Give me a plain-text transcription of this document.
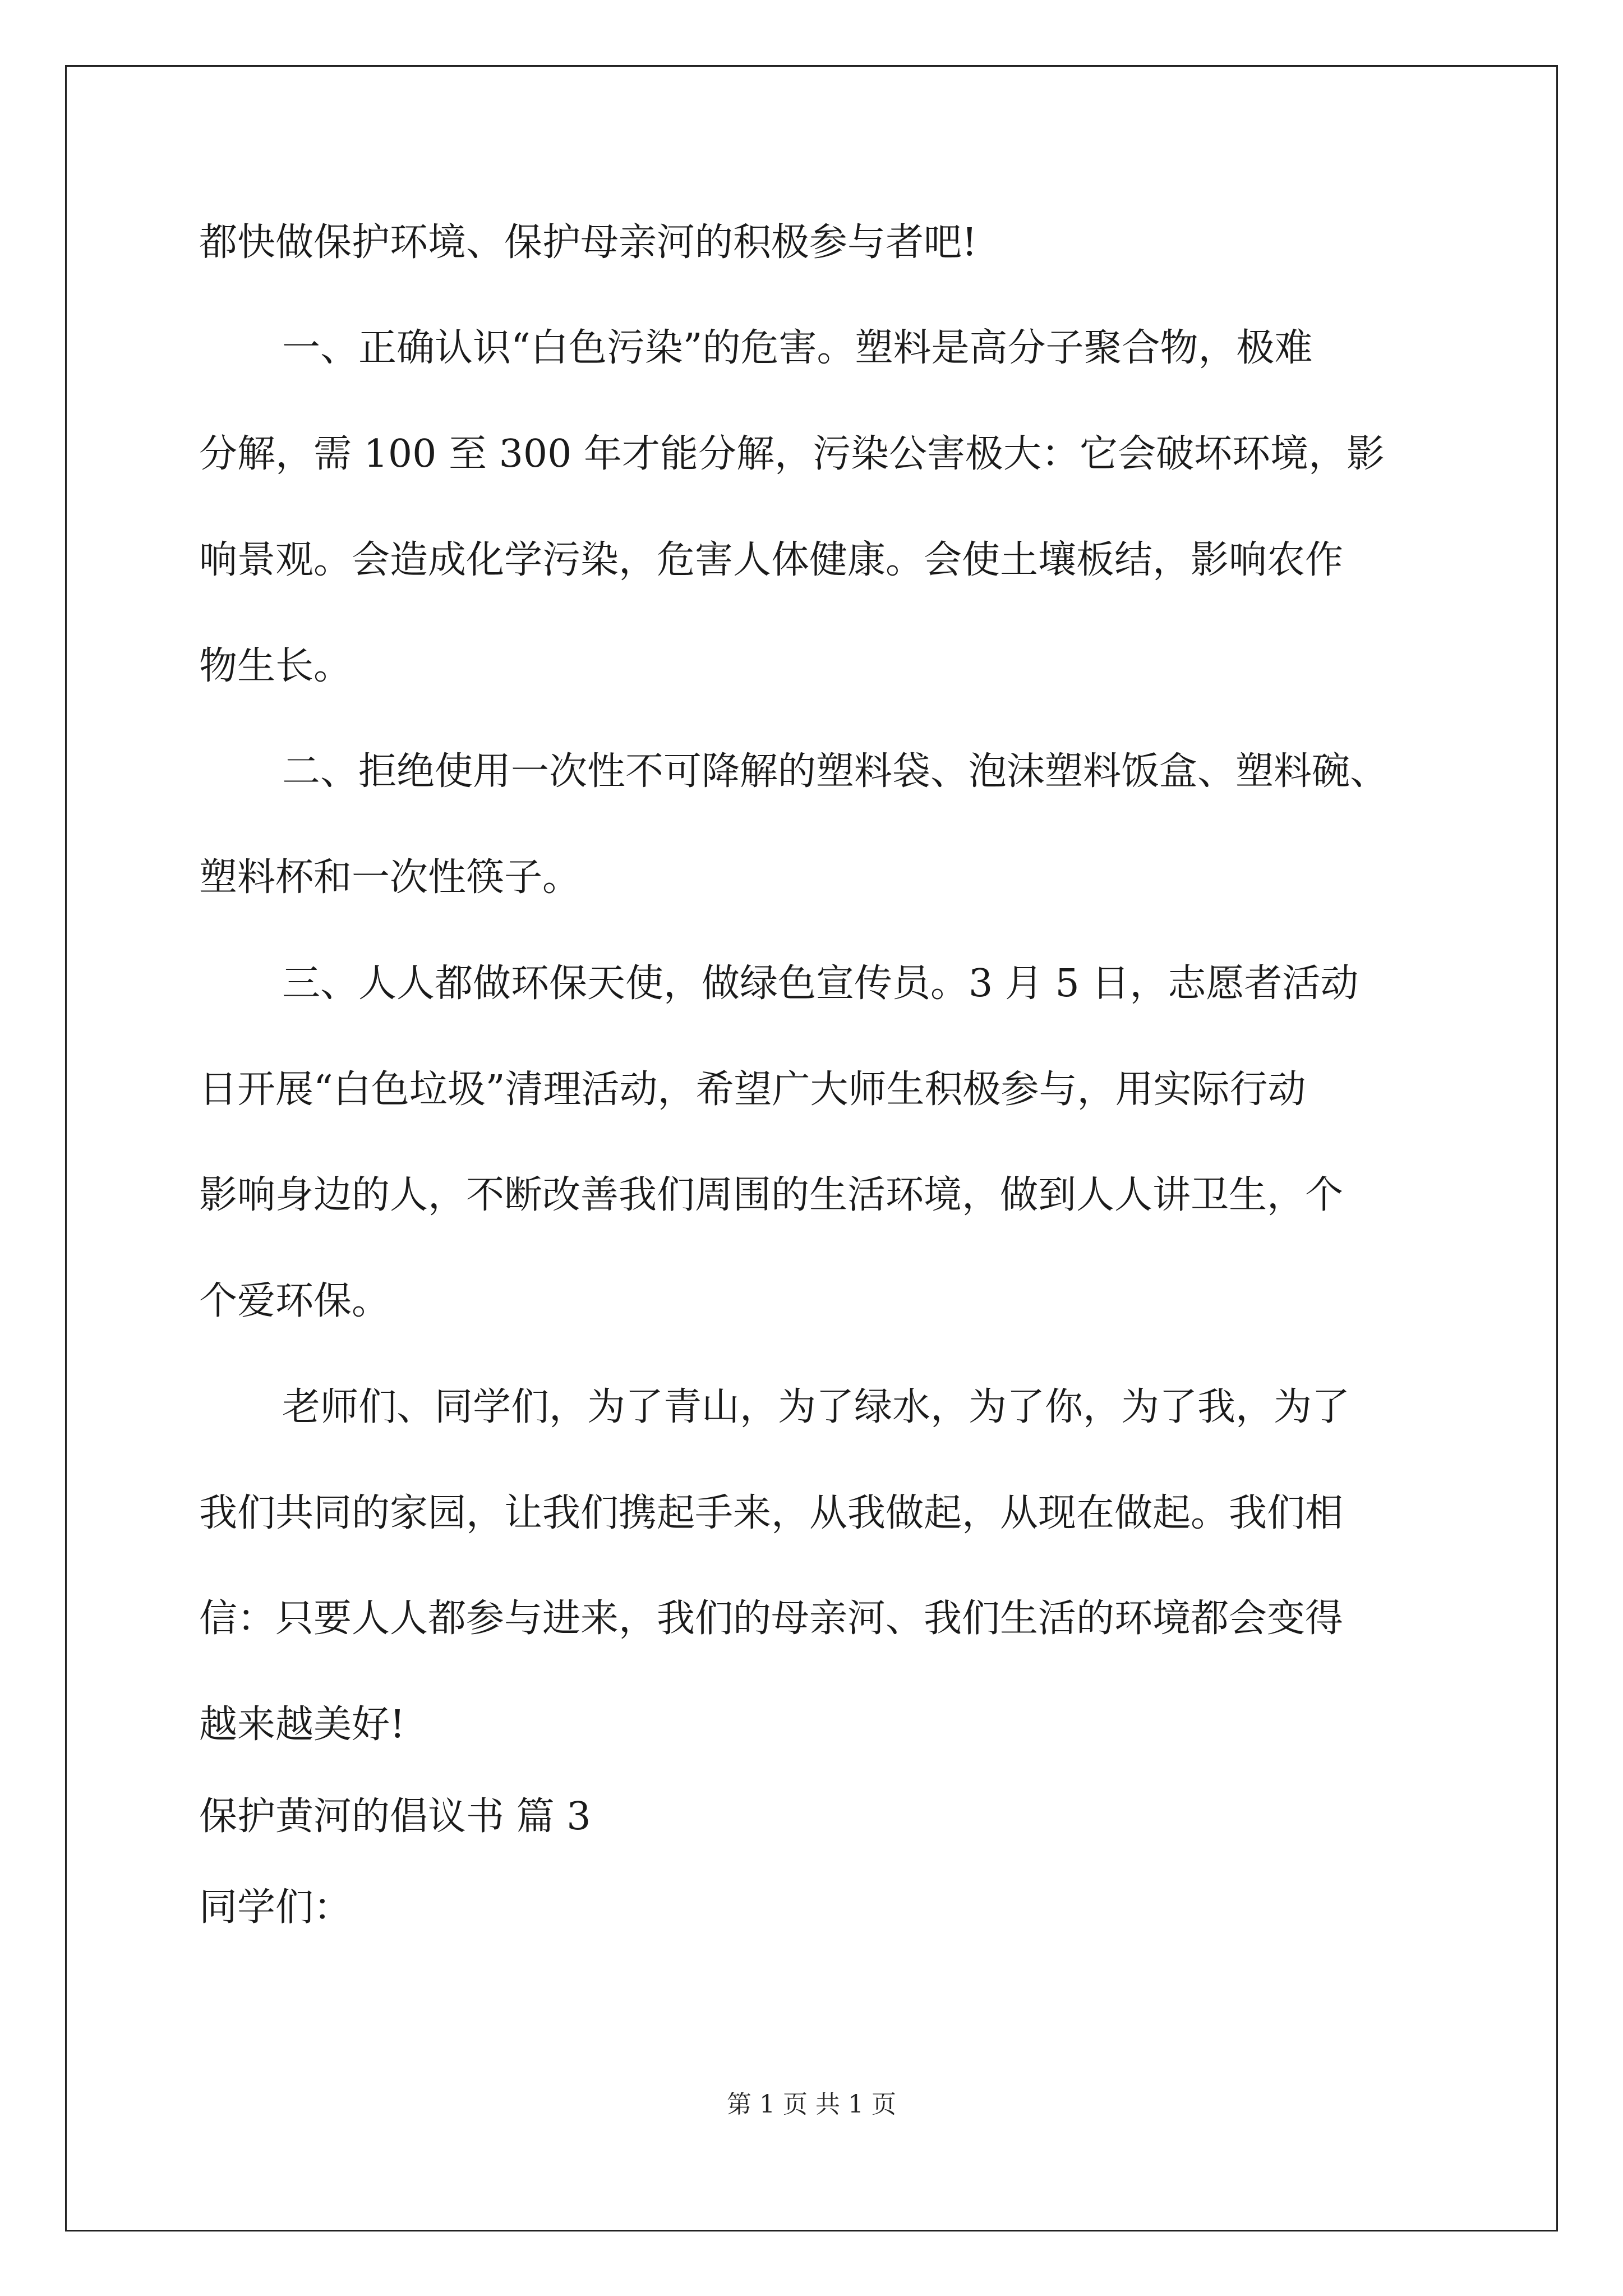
都快做保护环境、保护母亲河的积极参与者吧!
一、正确认识“白色污染”的危害。塑料是高分子聚合物，极难
分解，需 100 至 300 年才能分解，污染公害极大：它会破坏环境，影
响景观。会造成化学污染，危害人体健康。会使土壤板结，影响农作
物生长。
二、拒绝使用一次性不可降解的塑料袋、泡沫塑料饭盒、塑料碗、
塑料杯和一次性筷子。
三、人人都做环保天使，做绿色宣传员。3 月 5 日，志愿者活动
日开展“白色垃圾”清理活动，希望广大师生积极参与，用实际行动
影响身边的人，不断改善我们周围的生活环境，做到人人讲卫生，个
个爱环保。
老师们、同学们，为了青山，为了绿水，为了你，为了我，为了
我们共同的家园，让我们携起手来，从我做起，从现在做起。我们相
信：只要人人都参与进来，我们的母亲河、我们生活的环境都会变得
越来越美好!
保护黄河的倡议书 篇 3
同学们：
第 1 页 共 1 页
